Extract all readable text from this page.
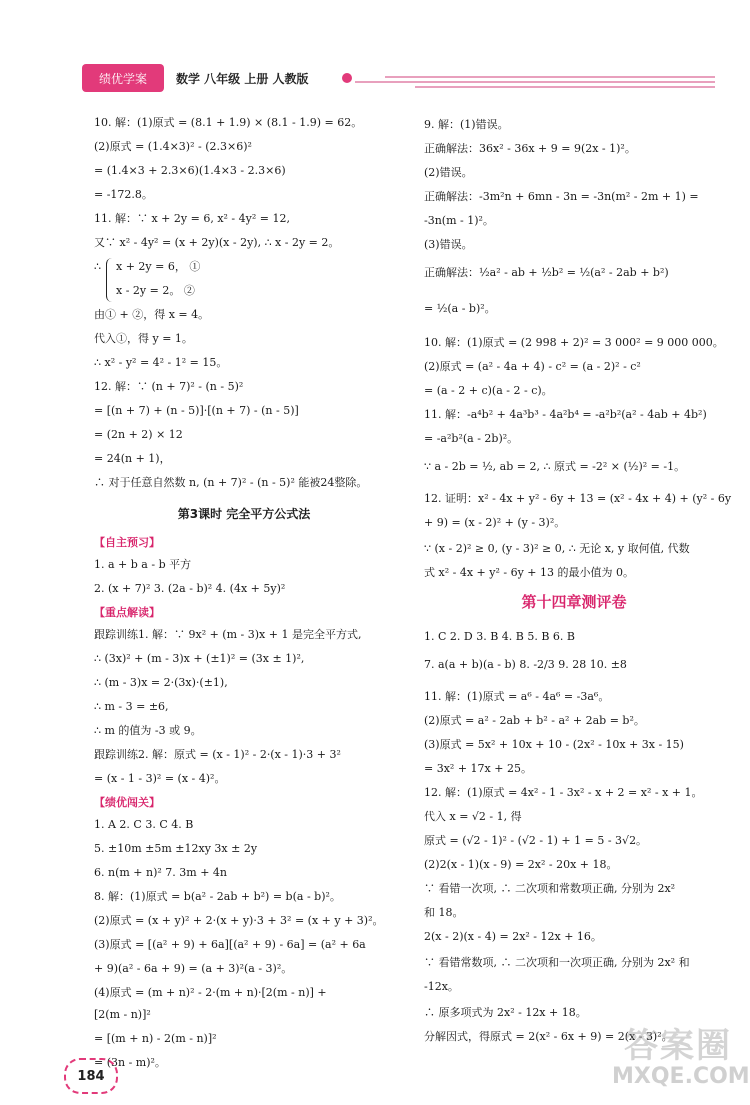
绩优学案	数学 八年级 上册 人教版
10. 解：(1)原式 = (8.1 + 1.9) × (8.1 - 1.9) = 62。
(2)原式 = (1.4×3)² - (2.3×6)²
= (1.4×3 + 2.3×6)(1.4×3 - 2.3×6)
= -172.8。
11. 解：∵ x + 2y = 6, x² - 4y² = 12,
又∵ x² - 4y² = (x + 2y)(x - 2y), ∴ x - 2y = 2。
∴ x + 2y = 6， ①
x - 2y = 2。 ②
由① + ②，得 x = 4。
代入①，得 y = 1。
∴ x² - y² = 4² - 1² = 15。
12. 解：∵ (n + 7)² - (n - 5)²
= [(n + 7) + (n - 5)]·[(n + 7) - (n - 5)]
= (2n + 2) × 12
= 24(n + 1)，
∴ 对于任意自然数 n, (n + 7)² - (n - 5)² 能被24整除。
第3课时 完全平方公式法
【自主预习】
1. a + b a - b 平方
2. (x + 7)² 3. (2a - b)² 4. (4x + 5y)²
【重点解读】
跟踪训练1. 解：∵ 9x² + (m - 3)x + 1 是完全平方式,
∴ (3x)² + (m - 3)x + (±1)² = (3x ± 1)²,
∴ (m - 3)x = 2·(3x)·(±1),
∴ m - 3 = ±6,
∴ m 的值为 -3 或 9。
跟踪训练2. 解：原式 = (x - 1)² - 2·(x - 1)·3 + 3²
= (x - 1 - 3)² = (x - 4)²。
【绩优闯关】
1. A 2. C 3. C 4. B
5. ±10m ±5m ±12xy 3x ± 2y
6. n(m + n)² 7. 3m + 4n
8. 解：(1)原式 = b(a² - 2ab + b²) = b(a - b)²。
(2)原式 = (x + y)² + 2·(x + y)·3 + 3² = (x + y + 3)²。
(3)原式 = [(a² + 9) + 6a][(a² + 9) - 6a] = (a² + 6a
+ 9)(a² - 6a + 9) = (a + 3)²(a - 3)²。
(4)原式 = (m + n)² - 2·(m + n)·[2(m - n)] +
[2(m - n)]²
= [(m + n) - 2(m - n)]²
= (3n - m)²。
9. 解：(1)错误。
正确解法：36x² - 36x + 9 = 9(2x - 1)²。
(2)错误。
正确解法：-3m²n + 6mn - 3n = -3n(m² - 2m + 1) =
-3n(m - 1)²。
(3)错误。
正确解法：½a² - ab + ½b² = ½(a² - 2ab + b²)
= ½(a - b)²。
10. 解：(1)原式 = (2 998 + 2)² = 3 000² = 9 000 000。
(2)原式 = (a² - 4a + 4) - c² = (a - 2)² - c²
= (a - 2 + c)(a - 2 - c)。
11. 解：-a⁴b² + 4a³b³ - 4a²b⁴ = -a²b²(a² - 4ab + 4b²)
= -a²b²(a - 2b)²。
∵ a - 2b = ½, ab = 2, ∴ 原式 = -2² × (½)² = -1。
12. 证明：x² - 4x + y² - 6y + 13 = (x² - 4x + 4) + (y² - 6y
+ 9) = (x - 2)² + (y - 3)²。
∵ (x - 2)² ≥ 0, (y - 3)² ≥ 0, ∴ 无论 x, y 取何值, 代数
式 x² - 4x + y² - 6y + 13 的最小值为 0。
第十四章测评卷
1. C 2. D 3. B 4. B 5. B 6. B
7. a(a + b)(a - b) 8. -2/3 9. 28 10. ±8
11. 解：(1)原式 = a⁶ - 4a⁶ = -3a⁶。
(2)原式 = a² - 2ab + b² - a² + 2ab = b²。
(3)原式 = 5x² + 10x + 10 - (2x² - 10x + 3x - 15)
= 3x² + 17x + 25。
12. 解：(1)原式 = 4x² - 1 - 3x² - x + 2 = x² - x + 1。
代入 x = √2 - 1, 得
原式 = (√2 - 1)² - (√2 - 1) + 1 = 5 - 3√2。
(2)2(x - 1)(x - 9) = 2x² - 20x + 18。
∵ 看错一次项, ∴ 二次项和常数项正确, 分别为 2x²
和 18。
2(x - 2)(x - 4) = 2x² - 12x + 16。
∵ 看错常数项, ∴ 二次项和一次项正确, 分别为 2x² 和
-12x。
∴ 原多项式为 2x² - 12x + 18。
分解因式，得原式 = 2(x² - 6x + 9) = 2(x - 3)²。
184
答案圈
MXQE.COM
